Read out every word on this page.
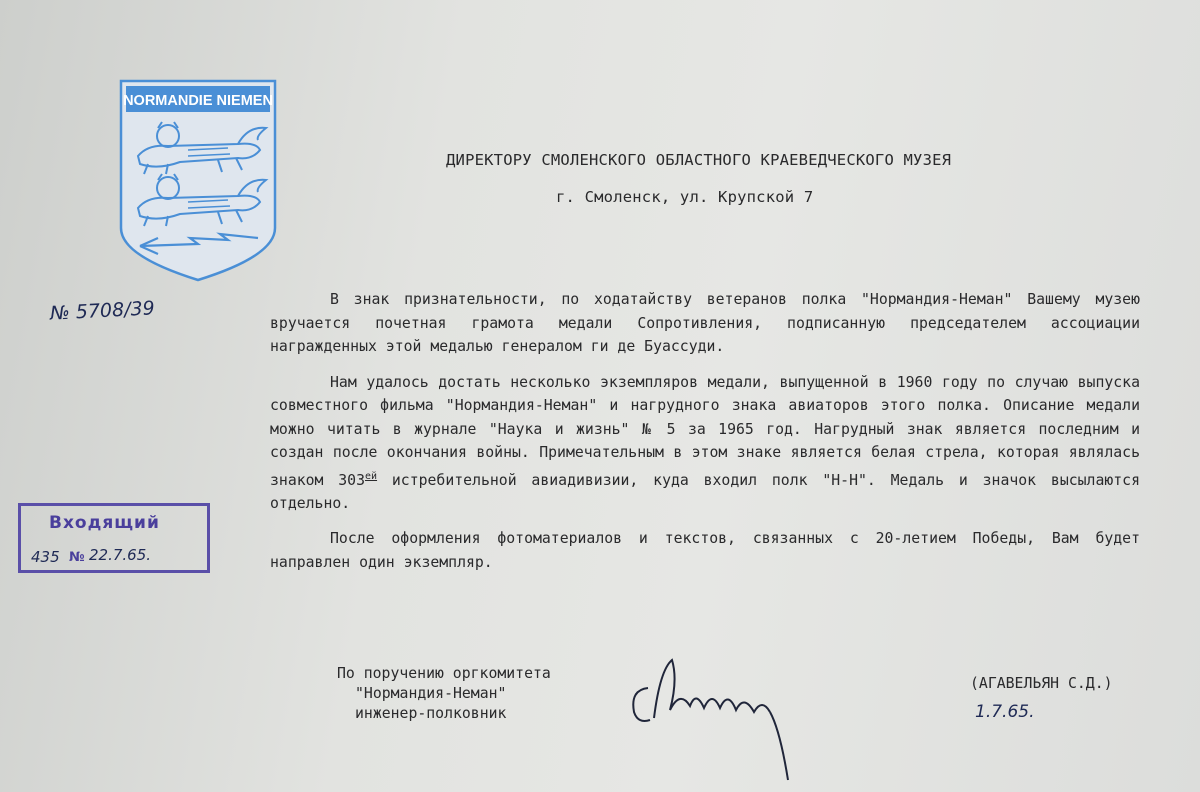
NORMANDIE NIEMEN
№ 5708/39
ДИРЕКТОРУ СМОЛЕНСКОГО ОБЛАСТНОГО КРАЕВЕДЧЕСКОГО МУЗЕЯ
г. Смоленск, ул. Крупской 7

В знак признательности, по ходатайству ветеранов полка "Нормандия-Неман" Вашему музею вручается почетная грамота медали Сопротивления, подписанную председателем ассоциации награжденных этой медалью генералом ги де Буассуди.

Нам удалось достать несколько экземпляров медали, выпущенной в 1960 году по случаю выпуска совместного фильма "Нормандия-Неман" и нагрудного знака авиаторов этого полка. Описание медали можно читать в журнале "Наука и жизнь" № 5 за 1965 год. Нагрудный знак является последним и создан после окончания войны. Примечательным в этом знаке является белая стрела, которая являлась знаком $303^{ей}$ истребительной авиадивизии, куда входил полк "Н-Н". Медаль и значок высылаются отдельно.

После оформления фотоматериалов и текстов, связанных с 20-летием Победы, Вам будет направлен один экземпляр.

Входящий
435 № 22.7.65.
По поручению оргкомитета
"Нормандия-Неман"
инженер-полковник
(АГАВЕЛЬЯН С.Д.)
1.7.65.
